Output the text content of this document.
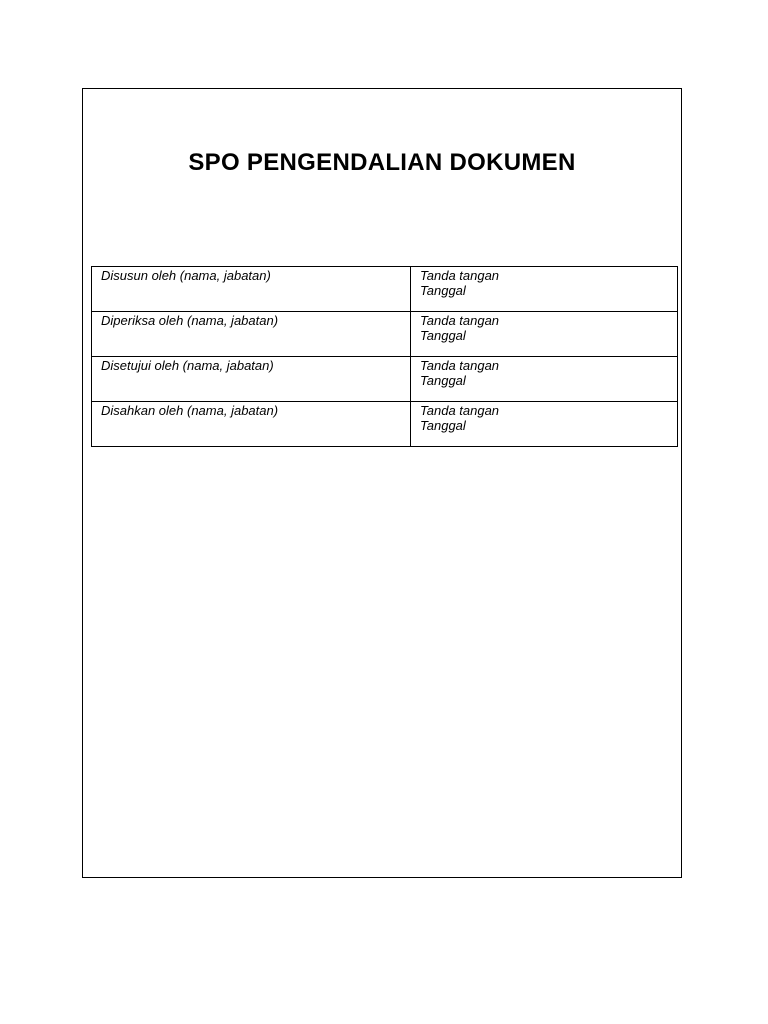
SPO PENGENDALIAN DOKUMEN
Disusun oleh (nama, jabatan)	Tanda tangan
Tanggal

Diperiksa oleh (nama, jabatan)	Tanda tangan
Tanggal

Disetujui oleh (nama, jabatan)	Tanda tangan
Tanggal

Disahkan oleh (nama, jabatan)	Tanda tangan
Tanggal
